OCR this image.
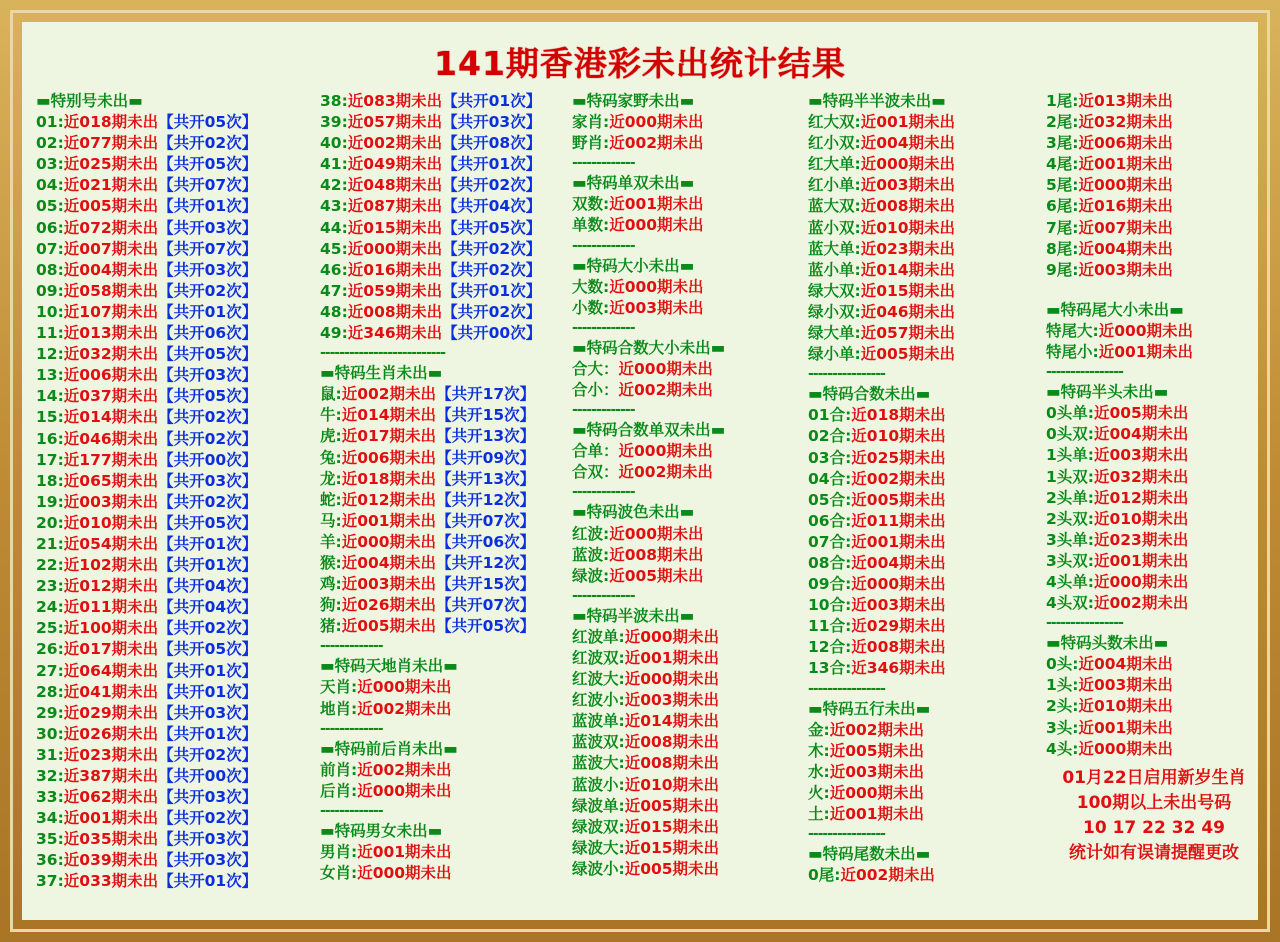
141期香港彩未出统计结果
▬特别号未出▬
01:近018期未出【共开05次】
02:近077期未出【共开02次】
03:近025期未出【共开05次】
04:近021期未出【共开07次】
05:近005期未出【共开01次】
06:近072期未出【共开03次】
07:近007期未出【共开07次】
08:近004期未出【共开03次】
09:近058期未出【共开02次】
10:近107期未出【共开01次】
11:近013期未出【共开06次】
12:近032期未出【共开05次】
13:近006期未出【共开03次】
14:近037期未出【共开05次】
15:近014期未出【共开02次】
16:近046期未出【共开02次】
17:近177期未出【共开00次】
18:近065期未出【共开03次】
19:近003期未出【共开02次】
20:近010期未出【共开05次】
21:近054期未出【共开01次】
22:近102期未出【共开01次】
23:近012期未出【共开04次】
24:近011期未出【共开04次】
25:近100期未出【共开02次】
26:近017期未出【共开05次】
27:近064期未出【共开01次】
28:近041期未出【共开01次】
29:近029期未出【共开03次】
30:近026期未出【共开01次】
31:近023期未出【共开02次】
32:近387期未出【共开00次】
33:近062期未出【共开03次】
34:近001期未出【共开02次】
35:近035期未出【共开03次】
36:近039期未出【共开03次】
37:近033期未出【共开01次】
38:近083期未出【共开01次】
39:近057期未出【共开03次】
40:近002期未出【共开08次】
41:近049期未出【共开01次】
42:近048期未出【共开02次】
43:近087期未出【共开04次】
44:近015期未出【共开05次】
45:近000期未出【共开02次】
46:近016期未出【共开02次】
47:近059期未出【共开01次】
48:近008期未出【共开02次】
49:近346期未出【共开00次】
--------------------------
▬特码生肖未出▬
鼠:近002期未出【共开17次】
牛:近014期未出【共开15次】
虎:近017期未出【共开13次】
兔:近006期未出【共开09次】
龙:近018期未出【共开13次】
蛇:近012期未出【共开12次】
马:近001期未出【共开07次】
羊:近000期未出【共开06次】
猴:近004期未出【共开12次】
鸡:近003期未出【共开15次】
狗:近026期未出【共开07次】
猪:近005期未出【共开05次】
-------------
▬特码天地肖未出▬
天肖:近000期未出
地肖:近002期未出
-------------
▬特码前后肖未出▬
前肖:近002期未出
后肖:近000期未出
-------------
▬特码男女未出▬
男肖:近001期未出
女肖:近000期未出
▬特码家野未出▬
家肖:近000期未出
野肖:近002期未出
-------------
▬特码单双未出▬
双数:近001期未出
单数:近000期未出
-------------
▬特码大小未出▬
大数:近000期未出
小数:近003期未出
-------------
▬特码合数大小未出▬
合大：近000期未出
合小：近002期未出
-------------
▬特码合数单双未出▬
合单：近000期未出
合双：近002期未出
-------------
▬特码波色未出▬
红波:近000期未出
蓝波:近008期未出
绿波:近005期未出
-------------
▬特码半波未出▬
红波单:近000期未出
红波双:近001期未出
红波大:近000期未出
红波小:近003期未出
蓝波单:近014期未出
蓝波双:近008期未出
蓝波大:近008期未出
蓝波小:近010期未出
绿波单:近005期未出
绿波双:近015期未出
绿波大:近015期未出
绿波小:近005期未出
▬特码半半波未出▬
红大双:近001期未出
红小双:近004期未出
红大单:近000期未出
红小单:近003期未出
蓝大双:近008期未出
蓝小双:近010期未出
蓝大单:近023期未出
蓝小单:近014期未出
绿大双:近015期未出
绿小双:近046期未出
绿大单:近057期未出
绿小单:近005期未出
----------------
▬特码合数未出▬
01合:近018期未出
02合:近010期未出
03合:近025期未出
04合:近002期未出
05合:近005期未出
06合:近011期未出
07合:近001期未出
08合:近004期未出
09合:近000期未出
10合:近003期未出
11合:近029期未出
12合:近008期未出
13合:近346期未出
----------------
▬特码五行未出▬
金:近002期未出
木:近005期未出
水:近003期未出
火:近000期未出
土:近001期未出
----------------
▬特码尾数未出▬
0尾:近002期未出
1尾:近013期未出
2尾:近032期未出
3尾:近006期未出
4尾:近001期未出
5尾:近000期未出
6尾:近016期未出
7尾:近007期未出
8尾:近004期未出
9尾:近003期未出

▬特码尾大小未出▬
特尾大:近000期未出
特尾小:近001期未出
----------------
▬特码半头未出▬
0头单:近005期未出
0头双:近004期未出
1头单:近003期未出
1头双:近032期未出
2头单:近012期未出
2头双:近010期未出
3头单:近023期未出
3头双:近001期未出
4头单:近000期未出
4头双:近002期未出
----------------
▬特码头数未出▬
0头:近004期未出
1头:近003期未出
2头:近010期未出
3头:近001期未出
4头:近000期未出
01月22日启用新岁生肖
100期以上未出号码
10 17 22 32 49
统计如有误请提醒更改
